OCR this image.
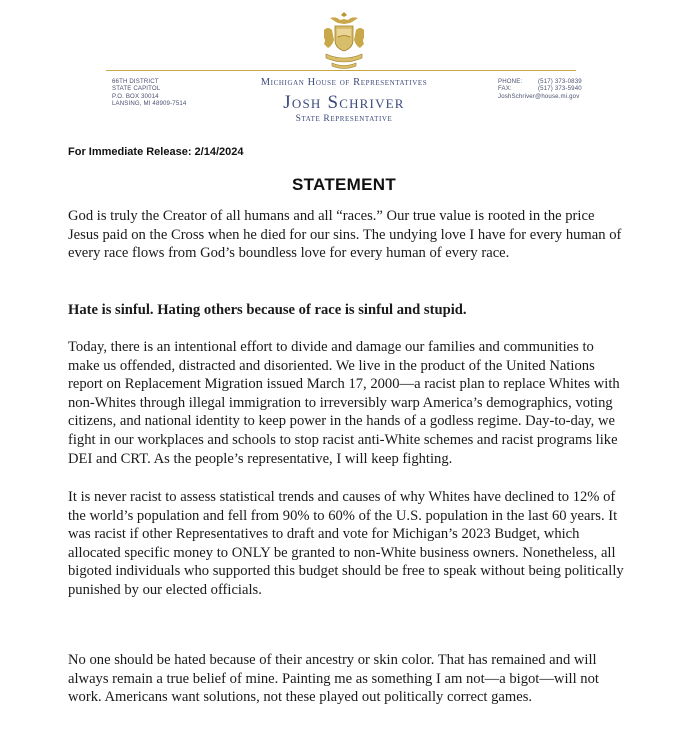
66TH DISTRICT
STATE CAPITOL
P.O. BOX 30014
LANSING, MI 48909-7514
Michigan House of Representatives
Josh Schriver
State Representative
PHONE:	(517) 373-0839
FAX:	(517) 373-5940
JoshSchriver@house.mi.gov
For Immediate Release: 2/14/2024
STATEMENT

God is truly the Creator of all humans and all “races.” Our true value is rooted in the price Jesus paid on the Cross when he died for our sins. The undying love I have for every human of every race flows from God’s boundless love for every human of every race.

Hate is sinful. Hating others because of race is sinful and stupid.

Today, there is an intentional effort to divide and damage our families and communities to make us offended, distracted and disoriented. We live in the product of the United Nations report on Replacement Migration issued March 17, 2000—a racist plan to replace Whites with non-Whites through illegal immigration to irreversibly warp America’s demographics, voting citizens, and national identity to keep power in the hands of a godless regime. Day-to-day, we fight in our workplaces and schools to stop racist anti-White schemes and racist programs like DEI and CRT. As the people’s representative, I will keep fighting.

It is never racist to assess statistical trends and causes of why Whites have declined to 12% of the world’s population and fell from 90% to 60% of the U.S. population in the last 60 years. It was racist if other Representatives to draft and vote for Michigan’s 2023 Budget, which allocated specific money to ONLY be granted to non-White business owners. Nonetheless, all bigoted individuals who supported this budget should be free to speak without being politically punished by our elected officials.

No one should be hated because of their ancestry or skin color. That has remained and will always remain a true belief of mine. Painting me as something I am not—a bigot—will not work. Americans want solutions, not these played out politically correct games.
